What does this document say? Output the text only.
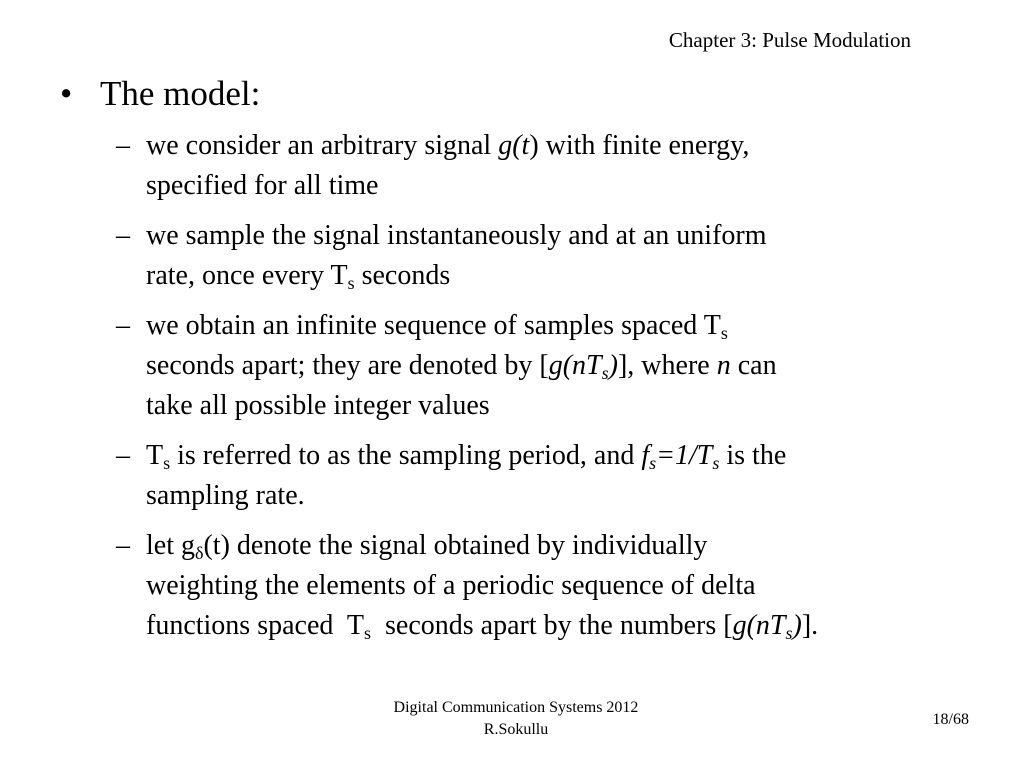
Chapter 3: Pulse Modulation
• The model:
– we consider an arbitrary signal g(t) with finite energy,
specified for all time
– we sample the signal instantaneously and at an uniform
rate, once every $T_s$ seconds
– we obtain an infinite sequence of samples spaced $T_s$
seconds apart; they are denoted by $[g(nT_s)]$, where n can
take all possible integer values
– $T_s$ is referred to as the sampling period, and $f_s=1/T_s$ is the
sampling rate.
– let $g_\delta(t)$ denote the signal obtained by individually
weighting the elements of a periodic sequence of delta
functions spaced  $T_s$  seconds apart by the numbers $[g(nT_s)]$.
Digital Communication Systems 2012
R.Sokullu
18/68
